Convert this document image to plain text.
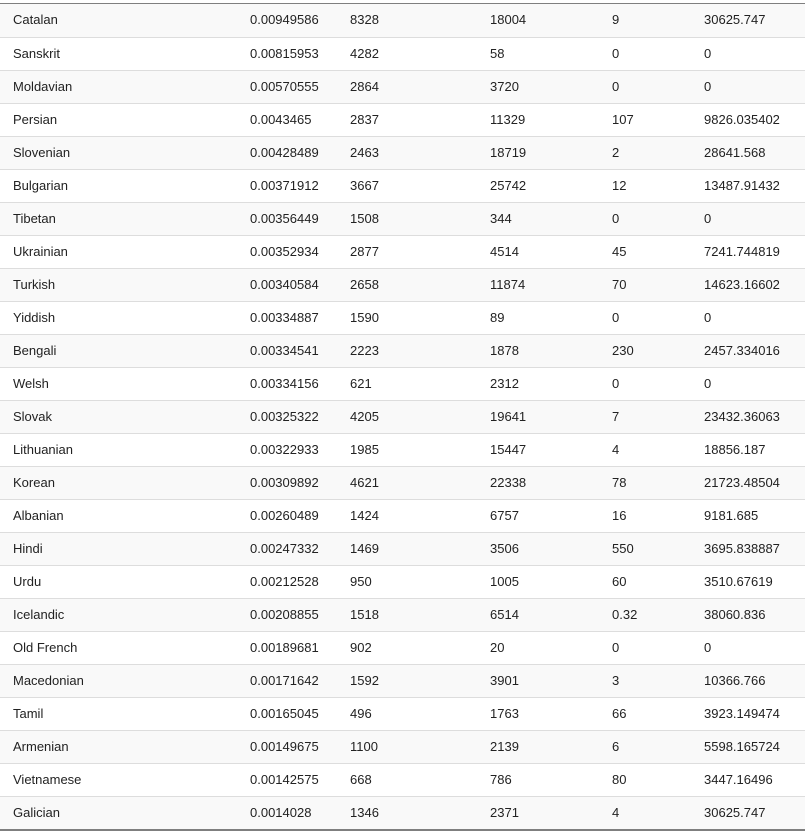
Catalan	0.00949586	8328	18004	9	30625.747
Sanskrit	0.00815953	4282	58	0	0
Moldavian	0.00570555	2864	3720	0	0
Persian	0.0043465	2837	11329	107	9826.035402
Slovenian	0.00428489	2463	18719	2	28641.568
Bulgarian	0.00371912	3667	25742	12	13487.91432
Tibetan	0.00356449	1508	344	0	0
Ukrainian	0.00352934	2877	4514	45	7241.744819
Turkish	0.00340584	2658	11874	70	14623.16602
Yiddish	0.00334887	1590	89	0	0
Bengali	0.00334541	2223	1878	230	2457.334016
Welsh	0.00334156	621	2312	0	0
Slovak	0.00325322	4205	19641	7	23432.36063
Lithuanian	0.00322933	1985	15447	4	18856.187
Korean	0.00309892	4621	22338	78	21723.48504
Albanian	0.00260489	1424	6757	16	9181.685
Hindi	0.00247332	1469	3506	550	3695.838887
Urdu	0.00212528	950	1005	60	3510.67619
Icelandic	0.00208855	1518	6514	0.32	38060.836
Old French	0.00189681	902	20	0	0
Macedonian	0.00171642	1592	3901	3	10366.766
Tamil	0.00165045	496	1763	66	3923.149474
Armenian	0.00149675	1100	2139	6	5598.165724
Vietnamese	0.00142575	668	786	80	3447.16496
Galician	0.0014028	1346	2371	4	30625.747
